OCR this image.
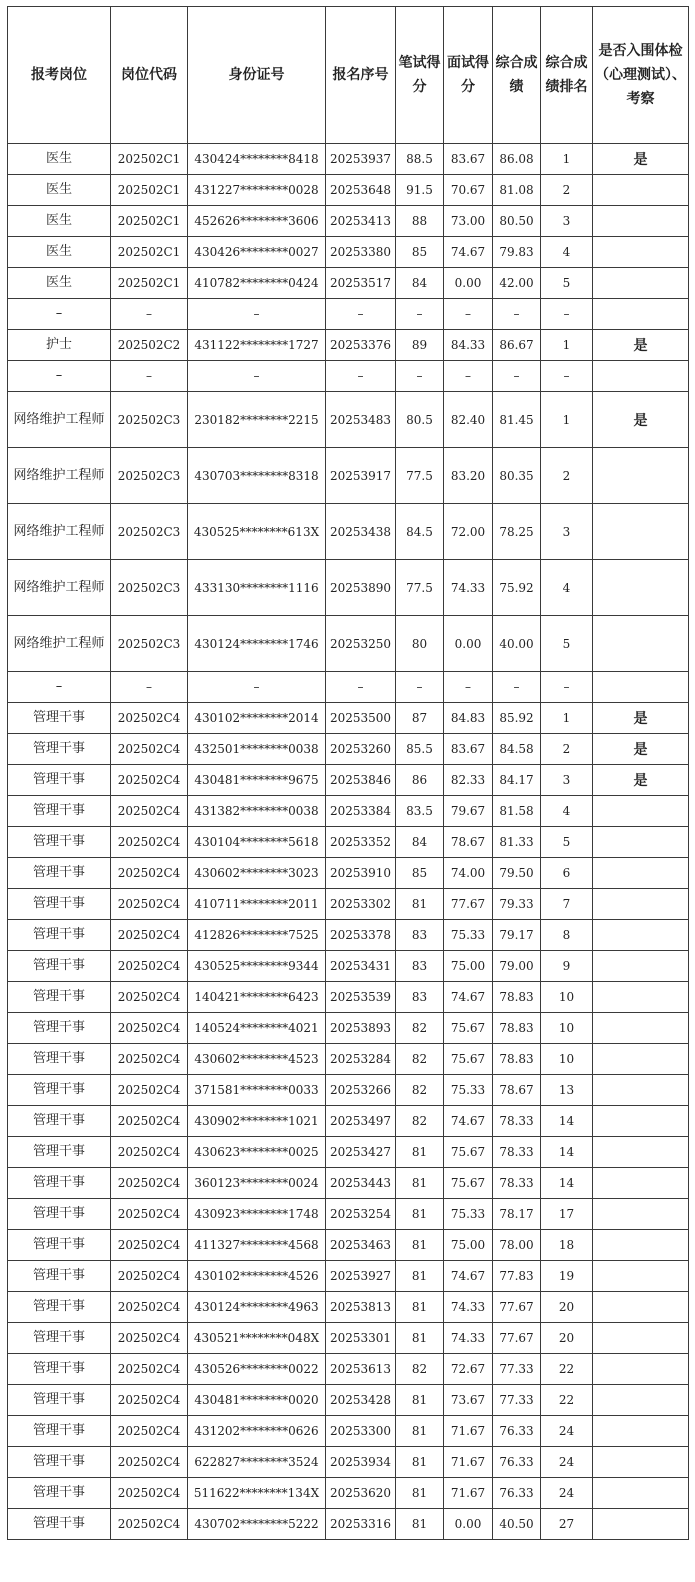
报考岗位	岗位代码	身份证号	报名序号	笔试得分	面试得分	综合成绩	综合成绩排名	是否入围体检（心理测试）、考察
医生	202502C1	430424********8418	20253937	88.5	83.67	86.08	1	是
医生	202502C1	431227********0028	20253648	91.5	70.67	81.08	2	
医生	202502C1	452626********3606	20253413	88	73.00	80.50	3	
医生	202502C1	430426********0027	20253380	85	74.67	79.83	4	
医生	202502C1	410782********0424	20253517	84	0.00	42.00	5	
–	–	–	–	–	–	–	–	
护士	202502C2	431122********1727	20253376	89	84.33	86.67	1	是
–	–	–	–	–	–	–	–	
网络维护工程师	202502C3	230182********2215	20253483	80.5	82.40	81.45	1	是
网络维护工程师	202502C3	430703********8318	20253917	77.5	83.20	80.35	2	
网络维护工程师	202502C3	430525********613X	20253438	84.5	72.00	78.25	3	
网络维护工程师	202502C3	433130********1116	20253890	77.5	74.33	75.92	4	
网络维护工程师	202502C3	430124********1746	20253250	80	0.00	40.00	5	
–	–	–	–	–	–	–	–	
管理干事	202502C4	430102********2014	20253500	87	84.83	85.92	1	是
管理干事	202502C4	432501********0038	20253260	85.5	83.67	84.58	2	是
管理干事	202502C4	430481********9675	20253846	86	82.33	84.17	3	是
管理干事	202502C4	431382********0038	20253384	83.5	79.67	81.58	4	
管理干事	202502C4	430104********5618	20253352	84	78.67	81.33	5	
管理干事	202502C4	430602********3023	20253910	85	74.00	79.50	6	
管理干事	202502C4	410711********2011	20253302	81	77.67	79.33	7	
管理干事	202502C4	412826********7525	20253378	83	75.33	79.17	8	
管理干事	202502C4	430525********9344	20253431	83	75.00	79.00	9	
管理干事	202502C4	140421********6423	20253539	83	74.67	78.83	10	
管理干事	202502C4	140524********4021	20253893	82	75.67	78.83	10	
管理干事	202502C4	430602********4523	20253284	82	75.67	78.83	10	
管理干事	202502C4	371581********0033	20253266	82	75.33	78.67	13	
管理干事	202502C4	430902********1021	20253497	82	74.67	78.33	14	
管理干事	202502C4	430623********0025	20253427	81	75.67	78.33	14	
管理干事	202502C4	360123********0024	20253443	81	75.67	78.33	14	
管理干事	202502C4	430923********1748	20253254	81	75.33	78.17	17	
管理干事	202502C4	411327********4568	20253463	81	75.00	78.00	18	
管理干事	202502C4	430102********4526	20253927	81	74.67	77.83	19	
管理干事	202502C4	430124********4963	20253813	81	74.33	77.67	20	
管理干事	202502C4	430521********048X	20253301	81	74.33	77.67	20	
管理干事	202502C4	430526********0022	20253613	82	72.67	77.33	22	
管理干事	202502C4	430481********0020	20253428	81	73.67	77.33	22	
管理干事	202502C4	431202********0626	20253300	81	71.67	76.33	24	
管理干事	202502C4	622827********3524	20253934	81	71.67	76.33	24	
管理干事	202502C4	511622********134X	20253620	81	71.67	76.33	24	
管理干事	202502C4	430702********5222	20253316	81	0.00	40.50	27	
